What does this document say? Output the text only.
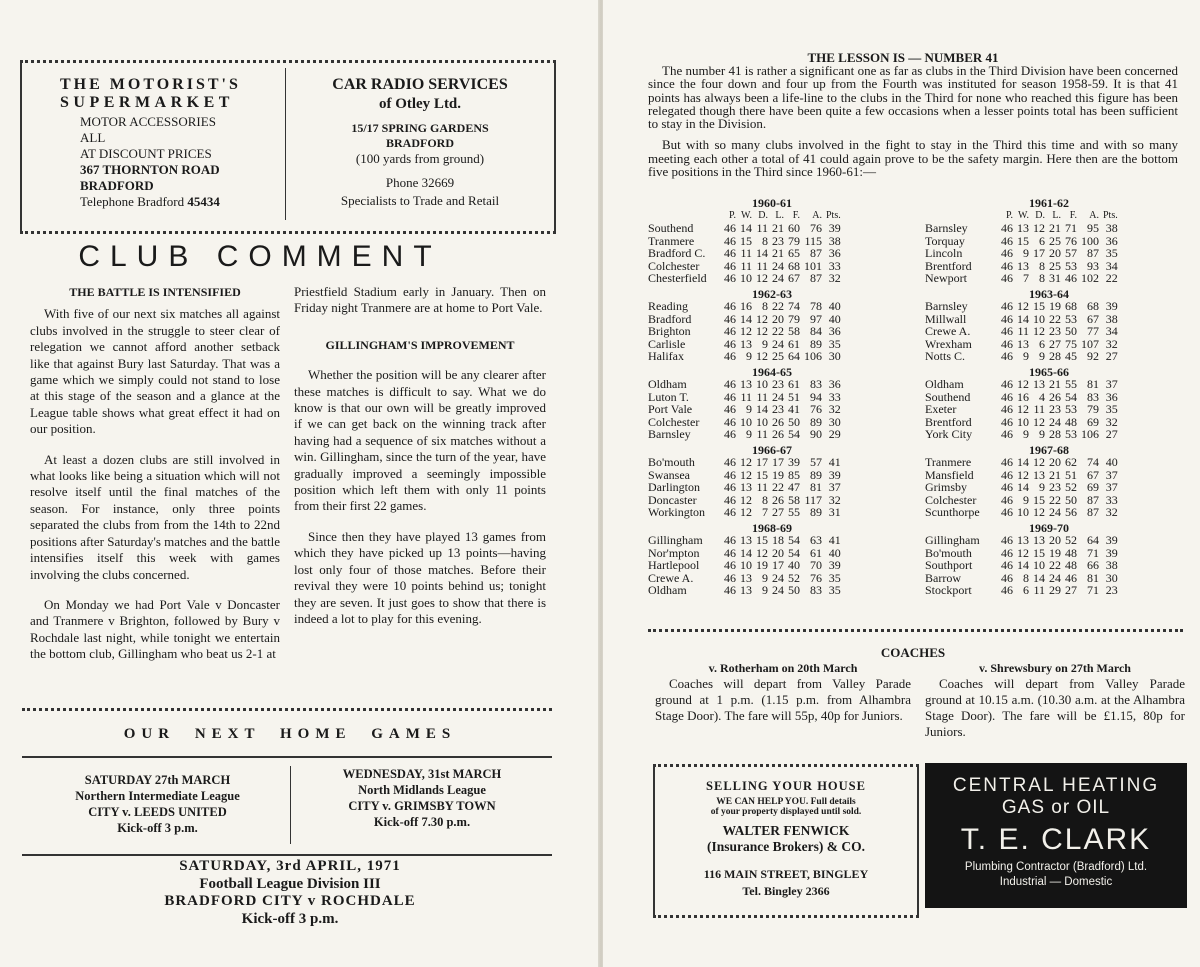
THE MOTORIST'S
SUPERMARKET
MOTOR ACCESSORIES
ALL
AT DISCOUNT PRICES
367 THORNTON ROAD
BRADFORD
Telephone Bradford 45434
CAR RADIO SERVICES
of Otley Ltd.
15/17 SPRING GARDENS
BRADFORD
(100 yards from ground)
Phone 32669
Specialists to Trade and Retail
CLUB COMMENT
THE BATTLE IS INTENSIFIED

With five of our next six matches all against clubs involved in the struggle to steer clear of relegation we cannot afford another setback like that against Bury last Saturday. That was a game which we simply could not stand to lose at this stage of the season and a glance at the League table shows what great effect it had on our position.

At least a dozen clubs are still involved in what looks like being a situation which will not resolve itself until the final matches of the season. For instance, only three points separated the clubs from from the 14th to 22nd positions after Saturday's matches and the battle intensifies itself this week with games involving the clubs concerned.

On Monday we had Port Vale v Doncaster and Tranmere v Brighton, followed by Bury v Rochdale last night, while tonight we entertain the bottom club, Gillingham who beat us 2-1 at

Priestfield Stadium early in January. Then on Friday night Tranmere are at home to Port Vale.

GILLINGHAM'S IMPROVEMENT

Whether the position will be any clearer after these matches is difficult to say. What we do know is that our own will be greatly improved if we can get back on the winning track after having had a sequence of six matches without a win. Gillingham, since the turn of the year, have gradually improved a seemingly impossible position which left them with only 11 points from their first 22 games.

Since then they have played 13 games from which they have picked up 13 points—having lost only four of those matches. Before their revival they were 10 points behind us; tonight they are seven. It just goes to show that there is indeed a lot to play for this evening.

OUR NEXT HOME GAMES
SATURDAY 27th MARCH
Northern Intermediate League
CITY v. LEEDS UNITED
Kick-off 3 p.m.
WEDNESDAY, 31st MARCH
North Midlands League
CITY v. GRIMSBY TOWN
Kick-off 7.30 p.m.
SATURDAY, 3rd APRIL, 1971
Football League Division III
BRADFORD CITY v ROCHDALE
Kick-off 3 p.m.
THE LESSON IS — NUMBER 41

The number 41 is rather a significant one as far as clubs in the Third Division have been concerned since the four down and four up from the Fourth was instituted for season 1958-59. It is that 41 points has always been a life-line to the clubs in the Third for none who reached this figure has been relegated though there have been quite a few occasions when a lesser points total has been sufficient to stay in the Division.

But with so many clubs involved in the fight to stay in the Third this time and with so many meeting each other a total of 41 could again prove to be the safety margin. Here then are the bottom five positions in the Third since 1960-61:—

	1960-61						
	P.	W.	D.	L.	F.	A.	Pts.
Southend	46	14	11	21	60	76	39
Tranmere	46	15	8	23	79	115	38
Bradford C.	46	11	14	21	65	87	36
Colchester	46	11	11	24	68	101	33
Chesterfield	46	10	12	24	67	87	32
	1962-63						
Reading	46	16	8	22	74	78	40
Bradford	46	14	12	20	79	97	40
Brighton	46	12	12	22	58	84	36
Carlisle	46	13	9	24	61	89	35
Halifax	46	9	12	25	64	106	30
	1964-65						
Oldham	46	13	10	23	61	83	36
Luton T.	46	11	11	24	51	94	33
Port Vale	46	9	14	23	41	76	32
Colchester	46	10	10	26	50	89	30
Barnsley	46	9	11	26	54	90	29
	1966-67						
Bo'mouth	46	12	17	17	39	57	41
Swansea	46	12	15	19	85	89	39
Darlington	46	13	11	22	47	81	37
Doncaster	46	12	8	26	58	117	32
Workington	46	12	7	27	55	89	31
	1968-69						
Gillingham	46	13	15	18	54	63	41
Nor'mpton	46	14	12	20	54	61	40
Hartlepool	46	10	19	17	40	70	39
Crewe A.	46	13	9	24	52	76	35
Oldham	46	13	9	24	50	83	35
	1961-62						
	P.	W.	D.	L.	F.	A.	Pts.
Barnsley	46	13	12	21	71	95	38
Torquay	46	15	6	25	76	100	36
Lincoln	46	9	17	20	57	87	35
Brentford	46	13	8	25	53	93	34
Newport	46	7	8	31	46	102	22
	1963-64						
Barnsley	46	12	15	19	68	68	39
Millwall	46	14	10	22	53	67	38
Crewe A.	46	11	12	23	50	77	34
Wrexham	46	13	6	27	75	107	32
Notts C.	46	9	9	28	45	92	27
	1965-66						
Oldham	46	12	13	21	55	81	37
Southend	46	16	4	26	54	83	36
Exeter	46	12	11	23	53	79	35
Brentford	46	10	12	24	48	69	32
York City	46	9	9	28	53	106	27
	1967-68						
Tranmere	46	14	12	20	62	74	40
Mansfield	46	12	13	21	51	67	37
Grimsby	46	14	9	23	52	69	37
Colchester	46	9	15	22	50	87	33
Scunthorpe	46	10	12	24	56	87	32
	1969-70						
Gillingham	46	13	13	20	52	64	39
Bo'mouth	46	12	15	19	48	71	39
Southport	46	14	10	22	48	66	38
Barrow	46	8	14	24	46	81	30
Stockport	46	6	11	29	27	71	23
COACHES
v. Rotherham on 20th March
Coaches will depart from Valley Parade ground at 1 p.m. (1.15 p.m. from Alhambra Stage Door). The fare will 55p, 40p for Juniors.
v. Shrewsbury on 27th March
Coaches will depart from Valley Parade ground at 10.15 a.m. (10.30 a.m. at the Alhambra Stage Door). The fare will be £1.15, 80p for Juniors.
SELLING YOUR HOUSE
WE CAN HELP YOU. Full details
of your property displayed until sold.
WALTER FENWICK
(Insurance Brokers) & CO.
116 MAIN STREET, BINGLEY
Tel. Bingley 2366
CENTRAL HEATING
GAS or OIL
T. E. CLARK
Plumbing Contractor (Bradford) Ltd.
Industrial — Domestic
